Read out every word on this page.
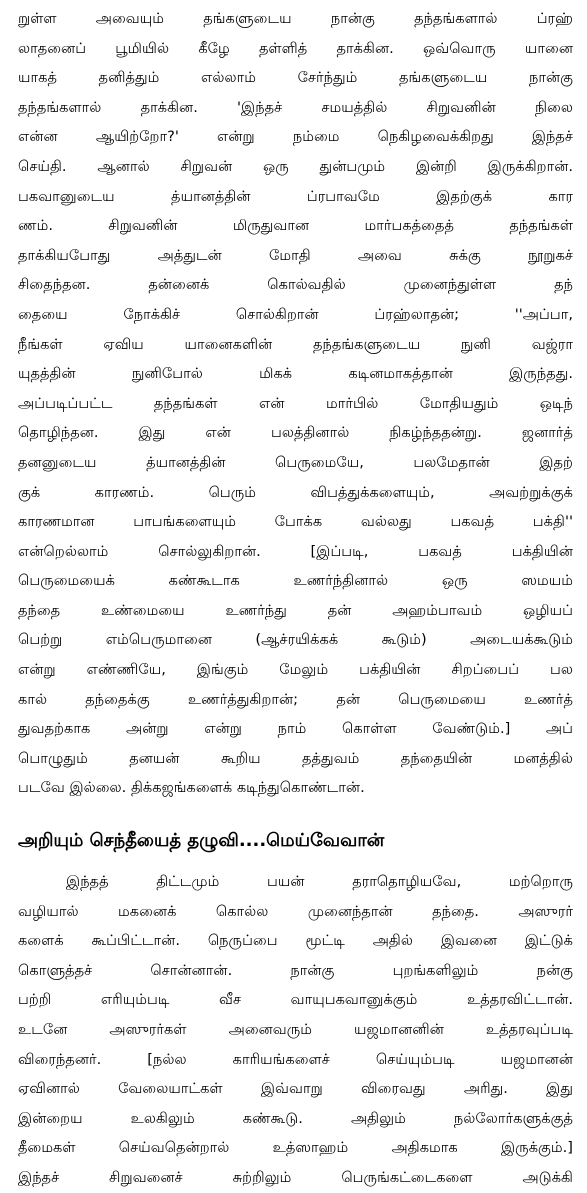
றுள்ள அவையும் தங்களுடைய நான்கு தந்தங்களால் ப்ரஹ்
லாதனைப் பூமியில் கீழே தள்ளித் தாக்கின. ஒவ்வொரு யானை
யாகத் தனித்தும் எல்லாம் சேர்ந்தும் தங்களுடைய நான்கு
தந்தங்களால் தாக்கின. 'இந்தச் சமயத்தில் சிறுவனின் நிலை
என்ன ஆயிற்றோ?' என்று நம்மை நெகிழவைக்கிறது இந்தச்
செய்தி. ஆனால் சிறுவன் ஒரு துன்பமும் இன்றி இருக்கிறான்.
பகவானுடைய த்யானத்தின் ப்ரபாவமே இதற்குக் கார
ணம். சிறுவனின் மிருதுவான மார்பகத்தைத் தந்தங்கள்
தாக்கியபோது அத்துடன் மோதி அவை சுக்கு நூறுகச்
சிதைந்தன. தன்னைக் கொல்வதில் முனைந்துள்ள தந்
தையை நோக்கிச் சொல்கிறான் ப்ரஹ்லாதன்; ''அப்பா,
நீங்கள் ஏவிய யானைகளின் தந்தங்களுடைய நுனி வஜ்ரா
யுதத்தின் நுனிபோல் மிகக் கடினமாகத்தான் இருந்தது.
அப்படிப்பட்ட தந்தங்கள் என் மார்பில் மோதியதும் ஒடிந்
தொழிந்தன. இது என் பலத்தினால் நிகழ்ந்ததன்று. ஜனார்த்
தனனுடைய த்யானத்தின் பெருமையே, பலமேதான் இதற்
குக் காரணம். பெரும் விபத்துக்களையும், அவற்றுக்குக்
காரணமான பாபங்களையும் போக்க வல்லது பகவத் பக்தி''
என்றெல்லாம் சொல்லுகிறான். [இப்படி, பகவத் பக்தியின்
பெருமையைக் கண்கூடாக உணர்ந்தினால் ஒரு ஸமயம்
தந்தை உண்மையை உணர்ந்து தன் அஹம்பாவம் ஒழியப்
பெற்று எம்பெருமானை (ஆச்ரயிக்கக் கூடும்) அடையக்கூடும்
என்று எண்ணியே, இங்கும் மேலும் பக்தியின் சிறப்பைப் பல
கால் தந்தைக்கு உணர்த்துகிறான்; தன் பெருமையை உணர்த்
துவதற்காக அன்று என்று நாம் கொள்ள வேண்டும்.] அப்
பொழுதும் தனயன் கூறிய தத்துவம் தந்தையின் மனத்தில்
படவே இல்லை. திக்கஜங்களைக் கடிந்துகொண்டான்.
அறியும் செந்தீயைத் தழுவி....மெய்வேவான்
இந்தத் திட்டமும் பயன் தராதொழியவே, மற்றொரு
வழியால் மகனைக் கொல்ல முனைந்தான் தந்தை. அஸுரர்
களைக் கூப்பிட்டான். நெருப்பை மூட்டி அதில் இவனை இட்டுக்
கொளுத்தச் சொன்னான். நான்கு புறங்களிலும் நன்கு
பற்றி எரியும்படி வீச வாயுபகவானுக்கும் உத்தரவிட்டான்.
உடனே அஸுரர்கள் அனைவரும் யஜமானனின் உத்தரவுப்படி
விரைந்தனர். [நல்ல காரியங்களைச் செய்யும்படி யஜமானன்
ஏவினால் வேலையாட்கள் இவ்வாறு விரைவது அரிது. இது
இன்றைய உலகிலும் கண்கூடு. அதிலும் நல்லோர்களுக்குத்
தீமைகள் செய்வதென்றால் உத்ஸாஹம் அதிகமாக இருக்கும்.]
இந்தச் சிறுவனைச் சுற்றிலும் பெருங்கட்டைகளை அடுக்கி
